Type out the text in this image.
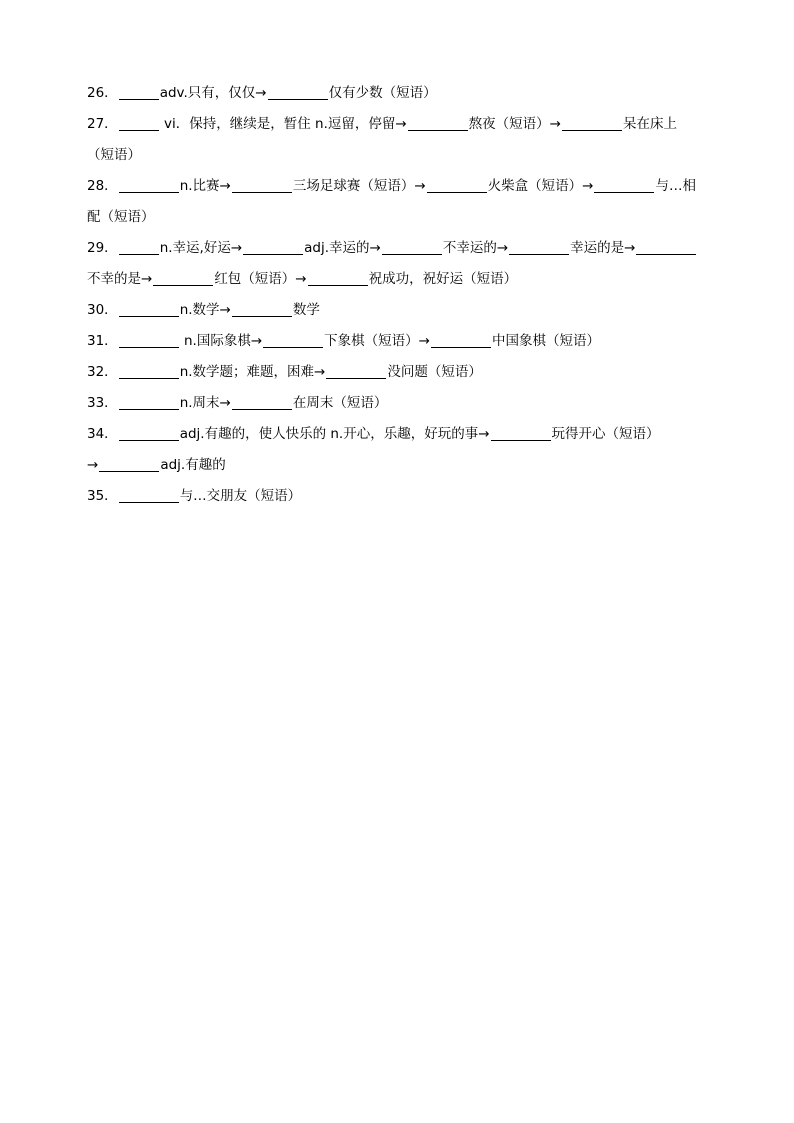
26．	adv.只有，仅仅→	仅有少数（短语）
27．	vi．保持，继续是，暂住 n.逗留，停留→	熬夜（短语）→	呆在床上
（短语）
28．	n.比赛→	三场足球赛（短语）→	火柴盒（短语）→	与…相
配（短语）
29．	n.幸运,好运→	adj.幸运的→	不幸运的→	幸运的是→
不幸的是→	红包（短语）→	祝成功，祝好运（短语）
30．	n.数学→	数学
31．	n.国际象棋→	下象棋（短语）→	中国象棋（短语）
32．	n.数学题；难题，困难→	没问题（短语）
33．	n.周末→	在周末（短语）
34．	adj.有趣的，使人快乐的 n.开心，乐趣，好玩的事→	玩得开心（短语）
→	adj.有趣的
35．	与…交朋友（短语）
